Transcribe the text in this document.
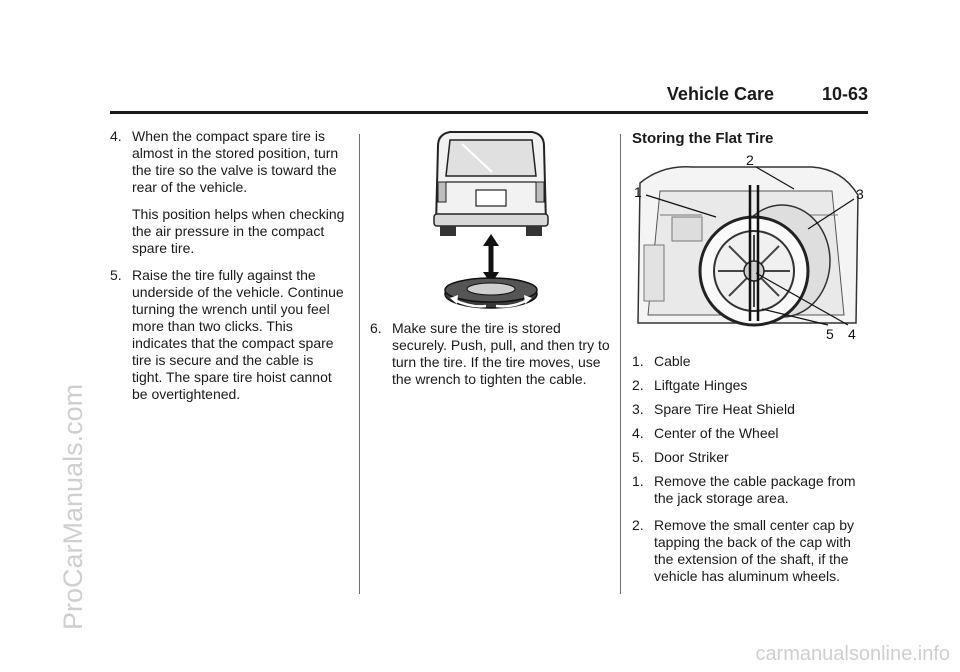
Vehicle Care	10-63
4. When the compact spare tire is almost in the stored position, turn the tire so the valve is toward the rear of the vehicle.
This position helps when checking the air pressure in the compact spare tire.
5. Raise the tire fully against the underside of the vehicle. Continue turning the wrench until you feel more than two clicks. This indicates that the compact spare tire is secure and the cable is tight. The spare tire hoist cannot be overtightened.
6. Make sure the tire is stored securely. Push, pull, and then try to turn the tire. If the tire moves, use the wrench to tighten the cable.
Storing the Flat Tire
1
2
3
4
5
1. Cable
2. Liftgate Hinges
3. Spare Tire Heat Shield
4. Center of the Wheel
5. Door Striker
1. Remove the cable package from the jack storage area.
2. Remove the small center cap by tapping the back of the cap with the extension of the shaft, if the vehicle has aluminum wheels.
ProCarManuals.com
carmanualsonline.info
